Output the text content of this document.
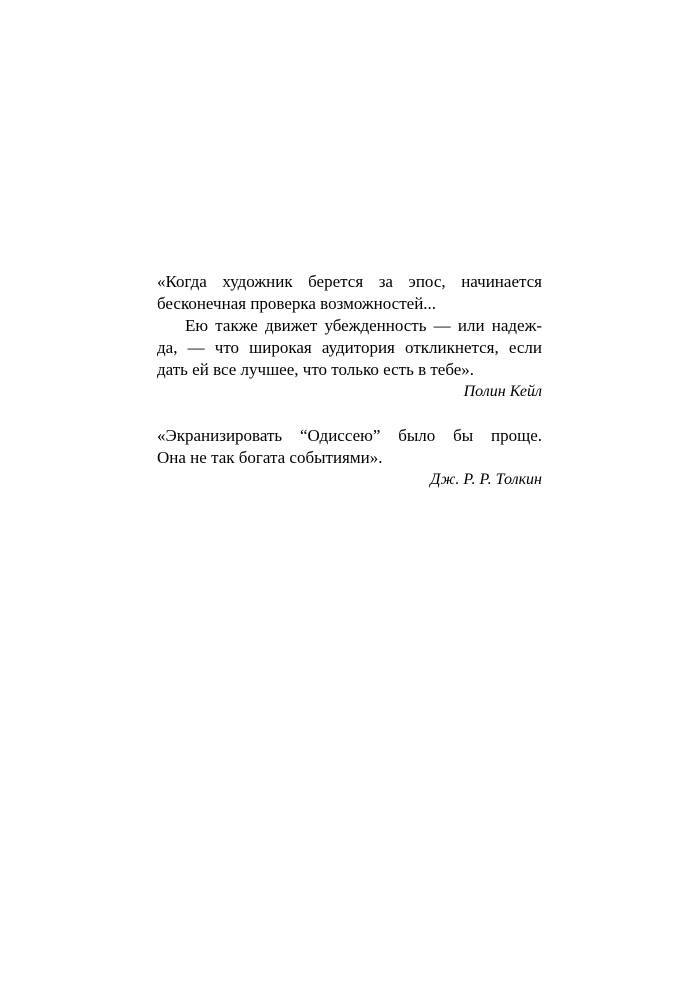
«Когда художник берется за эпос, начинается
бесконечная проверка возможностей...
Ею также движет убежденность — или надеж-
да, — что широкая аудитория откликнется, если
дать ей все лучшее, что только есть в тебе».
Полин Кейл
«Экранизировать “Одиссею” было бы проще.
Она не так богата событиями».
Дж. Р. Р. Толкин
